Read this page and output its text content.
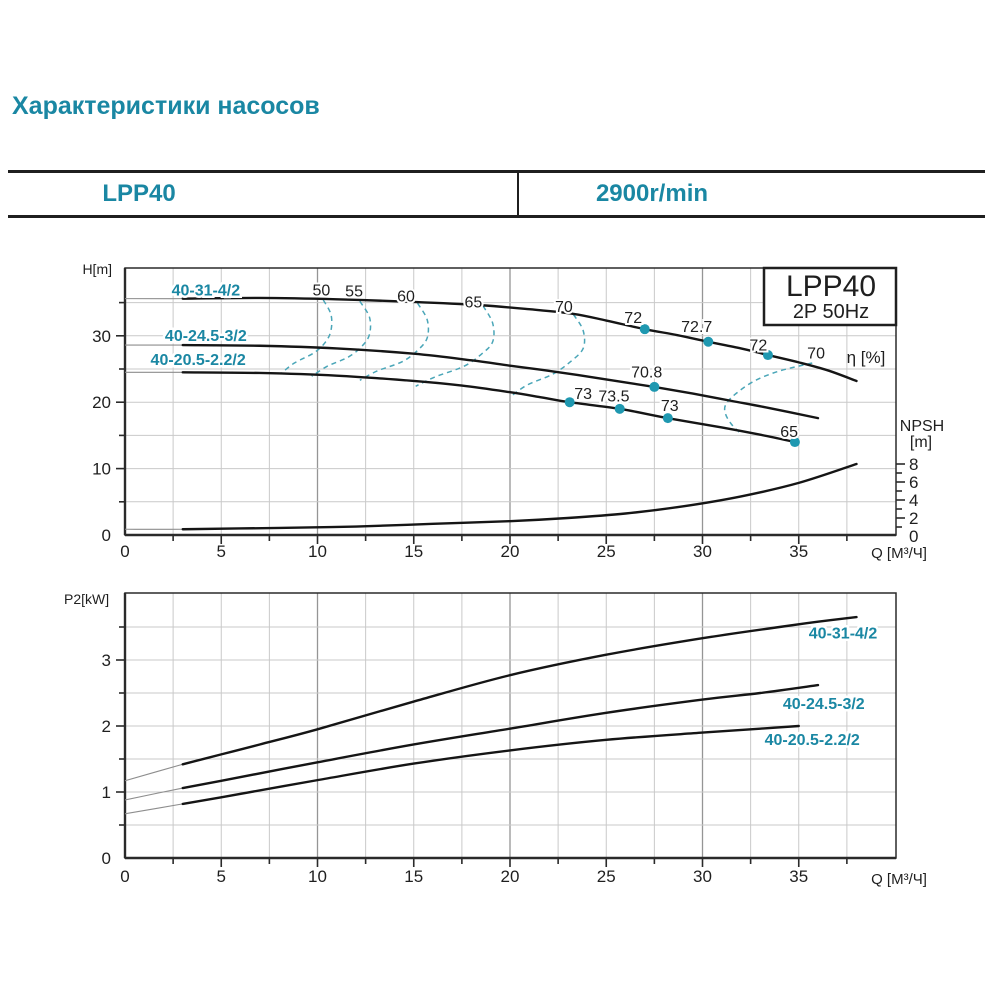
Характеристики насосов
LPP40	2900r/min
0
10
20
30
0	5	10	15	20	25	30	35
H[m]
Q [М³/Ч]
0
2
4
6
8
NPSH
[m]
LPP40
2P 50Hz
η [%]
50 55 60	65	70
72
72.7
72 70
70.8
73 73.5
73
65
40-31-4/2
40-24.5-3/2
40-20.5-2.2/2
0
1
2
3
0	5	10	15	20	25	30	35
P2[kW]
Q [М³/Ч]
40-31-4/2
40-24.5-3/2
40-20.5-2.2/2
